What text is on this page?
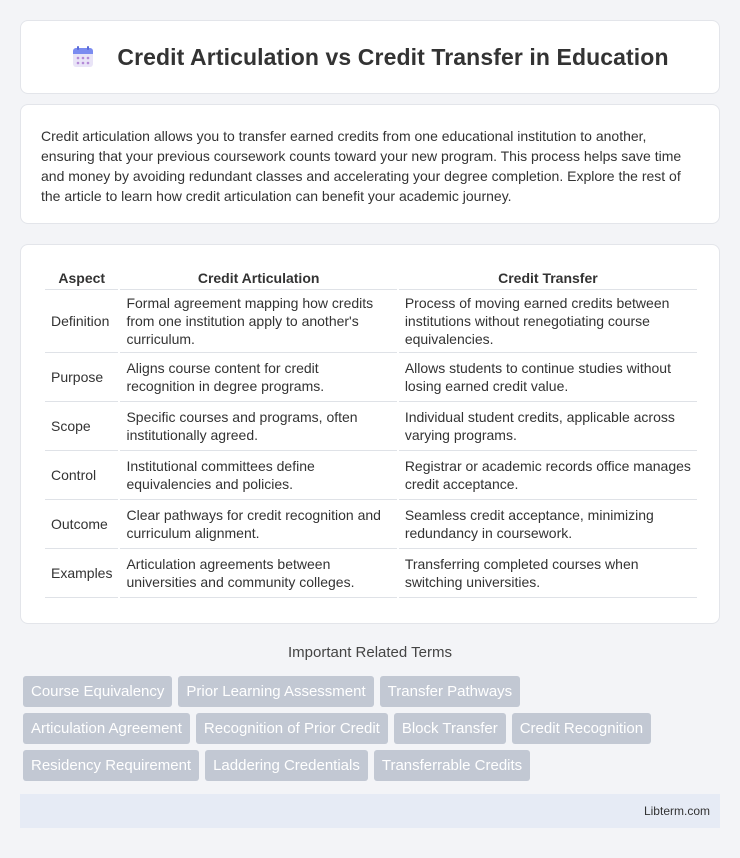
Credit Articulation vs Credit Transfer in Education

Credit articulation allows you to transfer earned credits from one educational institution to another, ensuring that your previous coursework counts toward your new program. This process helps save time and money by avoiding redundant classes and accelerating your degree completion. Explore the rest of the article to learn how credit articulation can benefit your academic journey.

Aspect	Credit Articulation	Credit Transfer
Definition	Formal agreement mapping how credits from one institution apply to another's curriculum.	Process of moving earned credits between institutions without renegotiating course equivalencies.
Purpose	Aligns course content for credit recognition in degree programs.	Allows students to continue studies without losing earned credit value.
Scope	Specific courses and programs, often institutionally agreed.	Individual student credits, applicable across varying programs.
Control	Institutional committees define equivalencies and policies.	Registrar or academic records office manages credit acceptance.
Outcome	Clear pathways for credit recognition and curriculum alignment.	Seamless credit acceptance, minimizing redundancy in coursework.
Examples	Articulation agreements between universities and community colleges.	Transferring completed courses when switching universities.
Important Related Terms
Course Equivalency	Prior Learning Assessment	Transfer Pathways
Articulation Agreement	Recognition of Prior Credit	Block Transfer	Credit Recognition
Residency Requirement	Laddering Credentials	Transferrable Credits
Libterm.com
